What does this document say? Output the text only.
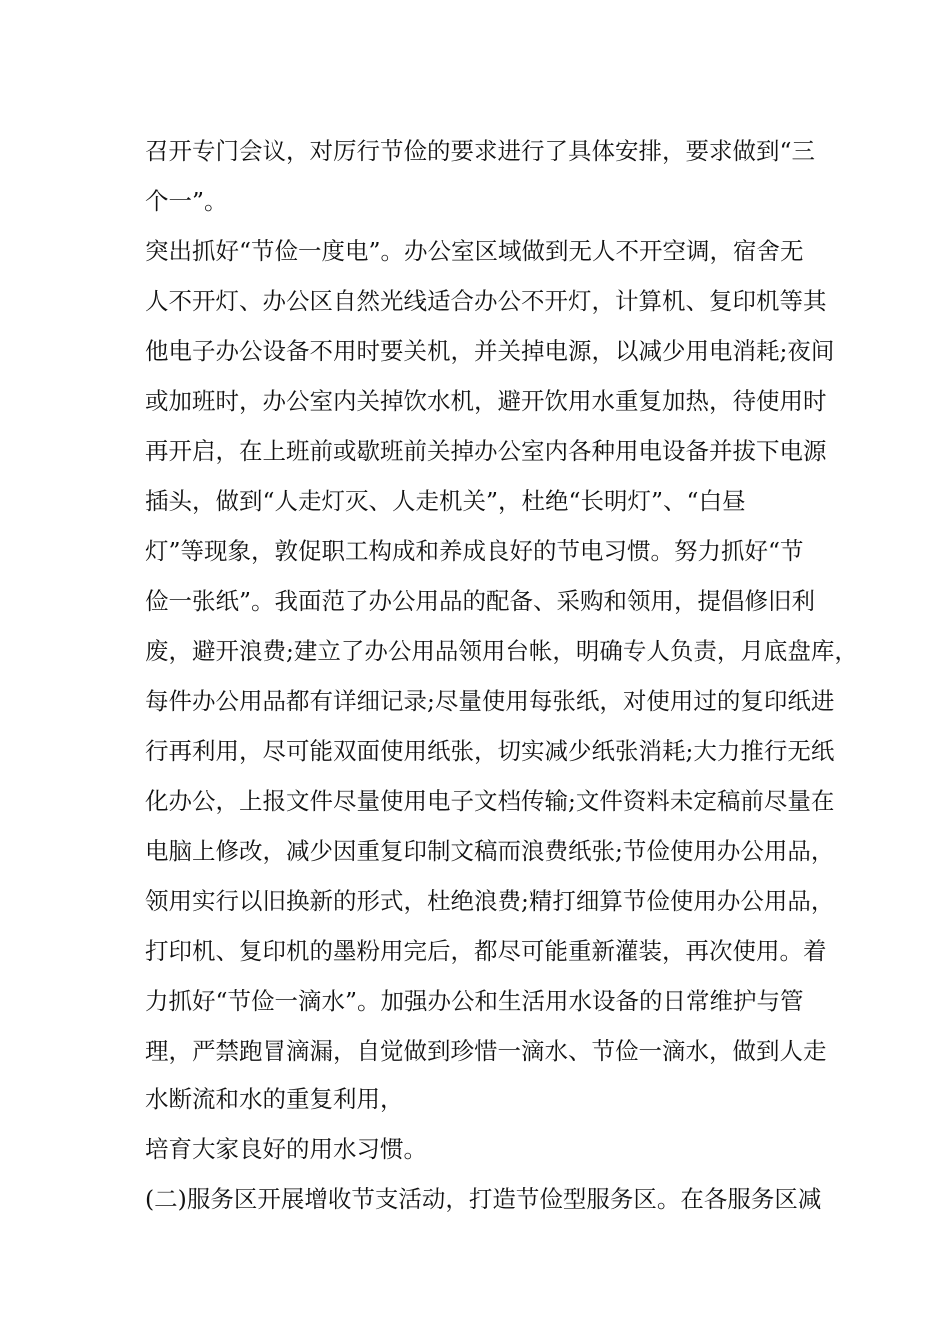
召开专门会议，对厉行节俭的要求进行了具体安排，要求做到“三
个一”。
突出抓好“节俭一度电”。办公室区域做到无人不开空调，宿舍无
人不开灯、办公区自然光线适合办公不开灯，计算机、复印机等其
他电子办公设备不用时要关机，并关掉电源，以减少用电消耗;夜间
或加班时，办公室内关掉饮水机，避开饮用水重复加热，待使用时
再开启，在上班前或歇班前关掉办公室内各种用电设备并拔下电源
插头，做到“人走灯灭、人走机关”，杜绝“长明灯”、“白昼
灯”等现象，敦促职工构成和养成良好的节电习惯。努力抓好“节
俭一张纸”。我面范了办公用品的配备、采购和领用，提倡修旧利
废，避开浪费;建立了办公用品领用台帐，明确专人负责，月底盘库，
每件办公用品都有详细记录;尽量使用每张纸，对使用过的复印纸进
行再利用，尽可能双面使用纸张，切实减少纸张消耗;大力推行无纸
化办公，上报文件尽量使用电子文档传输;文件资料未定稿前尽量在
电脑上修改，减少因重复印制文稿而浪费纸张;节俭使用办公用品，
领用实行以旧换新的形式，杜绝浪费;精打细算节俭使用办公用品，
打印机、复印机的墨粉用完后，都尽可能重新灌装，再次使用。着
力抓好“节俭一滴水”。加强办公和生活用水设备的日常维护与管
理，严禁跑冒滴漏，自觉做到珍惜一滴水、节俭一滴水，做到人走
水断流和水的重复利用，
培育大家良好的用水习惯。
(二)服务区开展增收节支活动，打造节俭型服务区。在各服务区减
